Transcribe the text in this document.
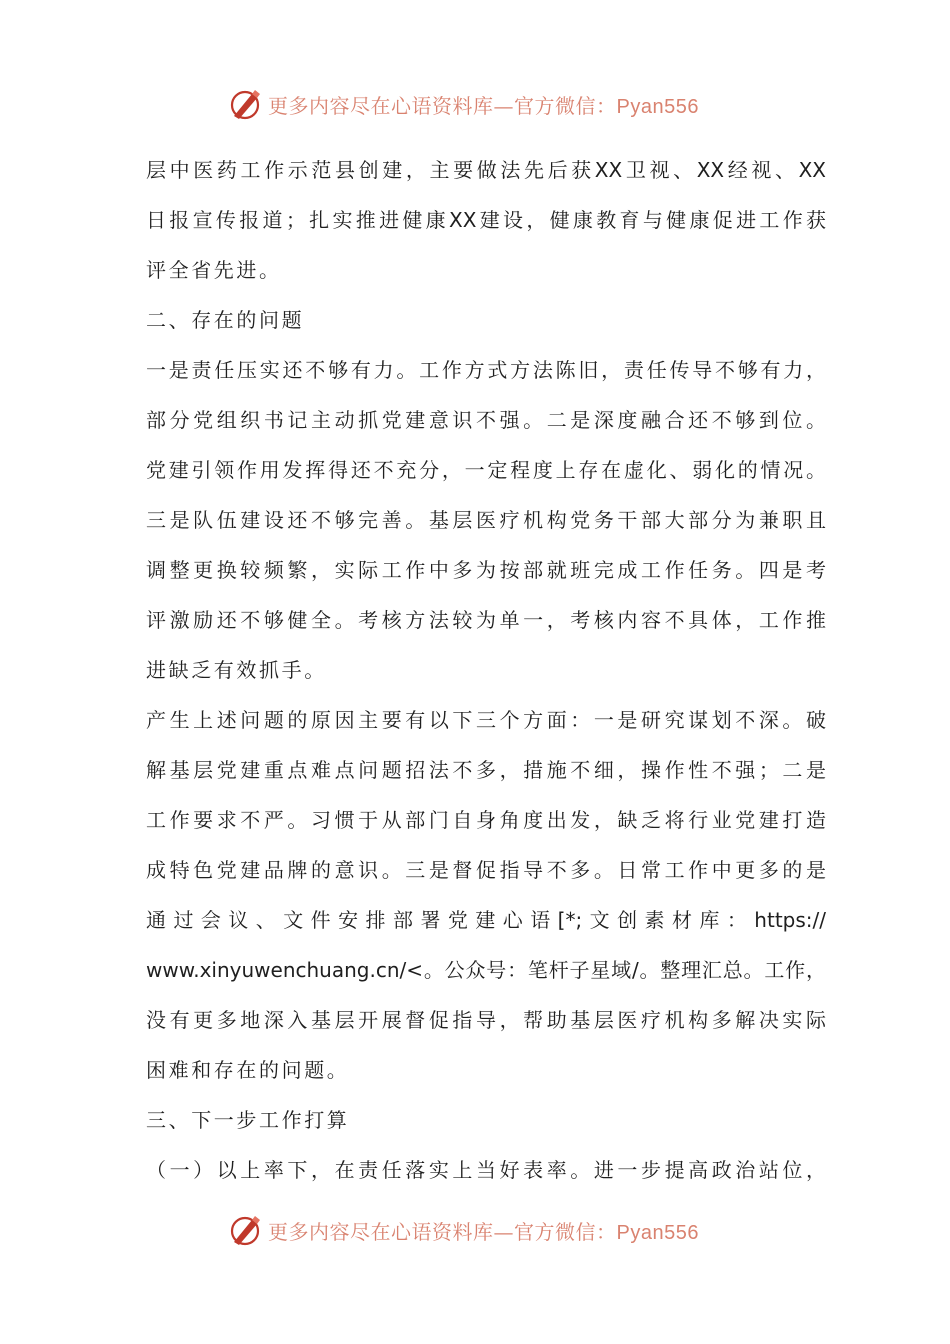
更多内容尽在心语资料库—官方微信：Pyan556
层中医药工作示范县创建，主要做法先后获XX卫视、XX经视、XX
日报宣传报道；扎实推进健康XX建设，健康教育与健康促进工作获
评全省先进。
二、存在的问题
一是责任压实还不够有力。工作方式方法陈旧，责任传导不够有力，
部分党组织书记主动抓党建意识不强。二是深度融合还不够到位。
党建引领作用发挥得还不充分，一定程度上存在虚化、弱化的情况。
三是队伍建设还不够完善。基层医疗机构党务干部大部分为兼职且
调整更换较频繁，实际工作中多为按部就班完成工作任务。四是考
评激励还不够健全。考核方法较为单一，考核内容不具体，工作推
进缺乏有效抓手。
产生上述问题的原因主要有以下三个方面：一是研究谋划不深。破
解基层党建重点难点问题招法不多，措施不细，操作性不强；二是
工作要求不严。习惯于从部门自身角度出发，缺乏将行业党建打造
成特色党建品牌的意识。三是督促指导不多。日常工作中更多的是
通过会议、文件安排部署党建心语[*;文创素材库：https://
www.xinyuwenchuang.cn/<。公众号：笔杆子星域/。整理汇总。工作，
没有更多地深入基层开展督促指导，帮助基层医疗机构多解决实际
困难和存在的问题。
三、下一步工作打算
（一）以上率下，在责任落实上当好表率。进一步提高政治站位，
更多内容尽在心语资料库—官方微信：Pyan556
